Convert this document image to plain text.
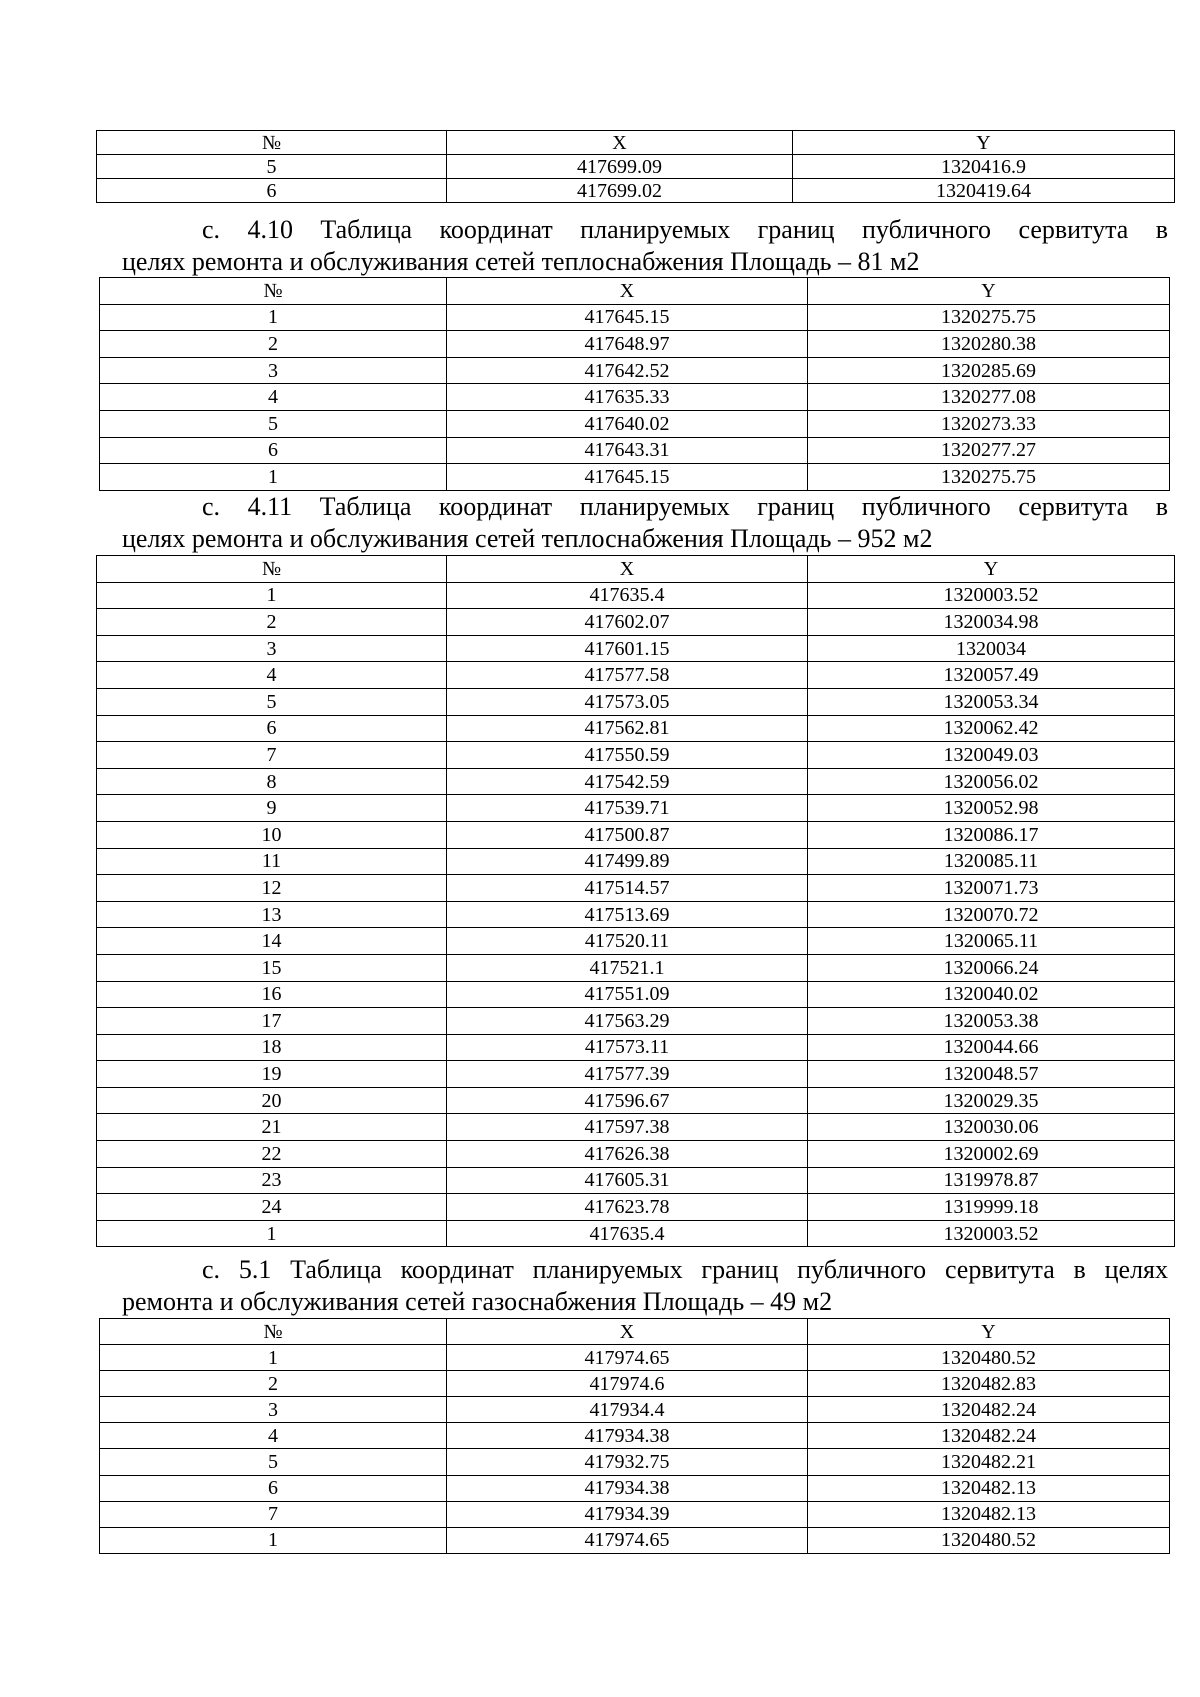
№	X	Y
5	417699.09	1320416.9
6	417699.02	1320419.64
с. 4.10 Таблица координат планируемых границ публичного сервитута в
целях ремонта и обслуживания сетей теплоснабжения Площадь – 81 м2
№	X	Y
1	417645.15	1320275.75
2	417648.97	1320280.38
3	417642.52	1320285.69
4	417635.33	1320277.08
5	417640.02	1320273.33
6	417643.31	1320277.27
1	417645.15	1320275.75
с. 4.11 Таблица координат планируемых границ публичного сервитута в
целях ремонта и обслуживания сетей теплоснабжения Площадь – 952 м2
№	X	Y
1	417635.4	1320003.52
2	417602.07	1320034.98
3	417601.15	1320034
4	417577.58	1320057.49
5	417573.05	1320053.34
6	417562.81	1320062.42
7	417550.59	1320049.03
8	417542.59	1320056.02
9	417539.71	1320052.98
10	417500.87	1320086.17
11	417499.89	1320085.11
12	417514.57	1320071.73
13	417513.69	1320070.72
14	417520.11	1320065.11
15	417521.1	1320066.24
16	417551.09	1320040.02
17	417563.29	1320053.38
18	417573.11	1320044.66
19	417577.39	1320048.57
20	417596.67	1320029.35
21	417597.38	1320030.06
22	417626.38	1320002.69
23	417605.31	1319978.87
24	417623.78	1319999.18
1	417635.4	1320003.52
с. 5.1 Таблица координат планируемых границ публичного сервитута в целях
ремонта и обслуживания сетей газоснабжения Площадь – 49 м2
№	X	Y
1	417974.65	1320480.52
2	417974.6	1320482.83
3	417934.4	1320482.24
4	417934.38	1320482.24
5	417932.75	1320482.21
6	417934.38	1320482.13
7	417934.39	1320482.13
1	417974.65	1320480.52
